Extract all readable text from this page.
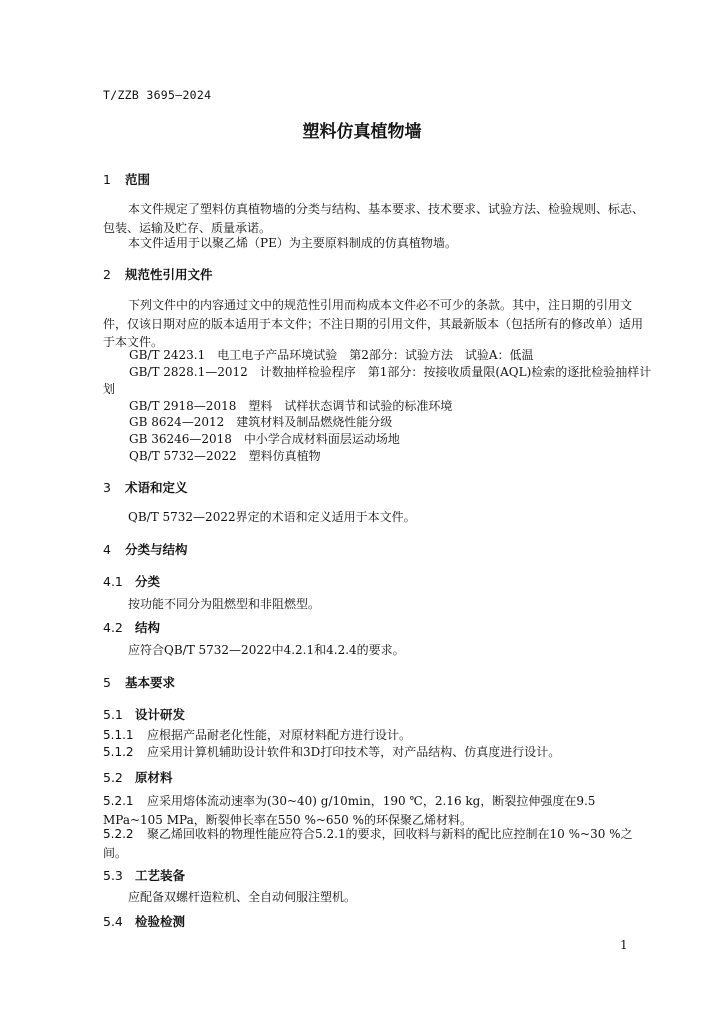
T/ZZB 3695—2024
塑料仿真植物墙
1 范围
本文件规定了塑料仿真植物墙的分类与结构、基本要求、技术要求、试验方法、检验规则、标志、包装、运输及贮存、质量承诺。
本文件适用于以聚乙烯（PE）为主要原料制成的仿真植物墙。
2 规范性引用文件
下列文件中的内容通过文中的规范性引用而构成本文件必不可少的条款。其中，注日期的引用文件，仅该日期对应的版本适用于本文件；不注日期的引用文件，其最新版本（包括所有的修改单）适用于本文件。
GB/T 2423.1　电工电子产品环境试验　第2部分：试验方法　试验A：低温
GB/T 2828.1—2012　计数抽样检验程序　第1部分：按接收质量限(AQL)检索的逐批检验抽样计
划
GB/T 2918—2018　塑料　试样状态调节和试验的标准环境
GB 8624—2012　建筑材料及制品燃烧性能分级
GB 36246—2018　中小学合成材料面层运动场地
QB/T 5732—2022　塑料仿真植物
3 术语和定义
QB/T 5732—2022界定的术语和定义适用于本文件。
4 分类与结构
4.1 分类
按功能不同分为阻燃型和非阻燃型。
4.2 结构
应符合QB/T 5732—2022中4.2.1和4.2.4的要求。
5 基本要求
5.1 设计研发
5.1.1 应根据产品耐老化性能，对原材料配方进行设计。
5.1.2 应采用计算机辅助设计软件和3D打印技术等，对产品结构、仿真度进行设计。
5.2 原材料
5.2.1 应采用熔体流动速率为(30~40) g/10min，190 ℃，2.16 kg，断裂拉伸强度在9.5 MPa~105 MPa，断裂伸长率在550 %~650 %的环保聚乙烯材料。
5.2.2 聚乙烯回收料的物理性能应符合5.2.1的要求，回收料与新料的配比应控制在10 %~30 %之间。
5.3 工艺装备
应配备双螺杆造粒机、全自动伺服注塑机。
5.4 检验检测
1
